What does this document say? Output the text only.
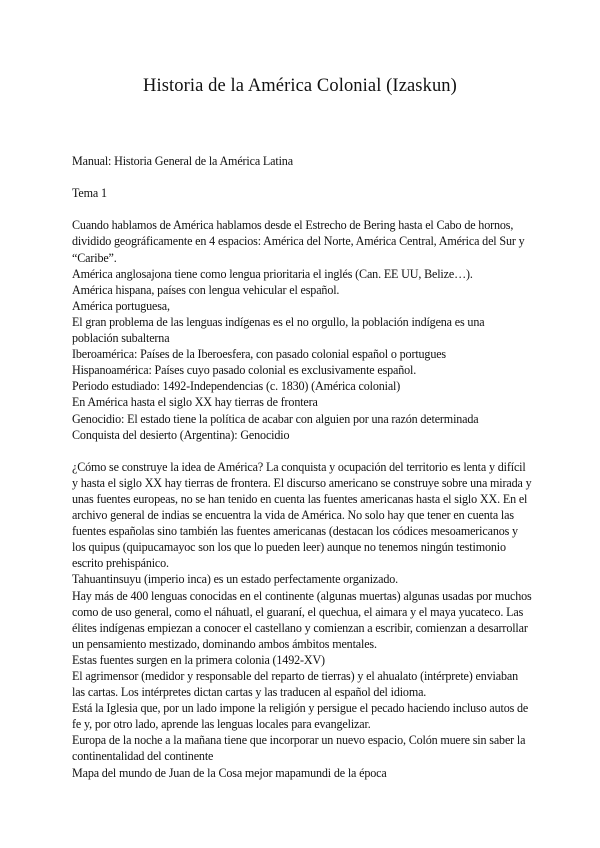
Historia de la América Colonial (Izaskun)

Manual: Historia General de la América Latina

Tema 1

Cuando hablamos de América hablamos desde el Estrecho de Bering hasta el Cabo de hornos, dividido geográficamente en 4 espacios: América del Norte, América Central, América del Sur y “Caribe”.

América anglosajona tiene como lengua prioritaria el inglés (Can. EE UU, Belize…).

América hispana, países con lengua vehicular el español.

América portuguesa,

El gran problema de las lenguas indígenas es el no orgullo, la población indígena es una población subalterna

Iberoamérica: Países de la Iberoesfera, con pasado colonial español o portugues

Hispanoamérica: Países cuyo pasado colonial es exclusivamente español.

Periodo estudiado: 1492-Independencias (c. 1830) (América colonial)

En América hasta el siglo XX hay tierras de frontera

Genocidio: El estado tiene la política de acabar con alguien por una razón determinada

Conquista del desierto (Argentina): Genocidio

¿Cómo se construye la idea de América? La conquista y ocupación del territorio es lenta y difícil y hasta el siglo XX hay tierras de frontera. El discurso americano se construye sobre una mirada y unas fuentes europeas, no se han tenido en cuenta las fuentes americanas hasta el siglo XX. En el archivo general de indias se encuentra la vida de América. No solo hay que tener en cuenta las fuentes españolas sino también las fuentes americanas (destacan los códices mesoamericanos y los quipus (quipucamayoc son los que lo pueden leer) aunque no tenemos ningún testimonio escrito prehispánico.

Tahuantinsuyu (imperio inca) es un estado perfectamente organizado.

Hay más de 400 lenguas conocidas en el continente (algunas muertas) algunas usadas por muchos como de uso general, como el náhuatl, el guaraní, el quechua, el aimara y el maya yucateco. Las élites indígenas empiezan a conocer el castellano y comienzan a escribir, comienzan a desarrollar un pensamiento mestizado, dominando ambos ámbitos mentales.

Estas fuentes surgen en la primera colonia (1492-XV)

El agrimensor (medidor y responsable del reparto de tierras) y el ahualato (intérprete) enviaban las cartas. Los intérpretes dictan cartas y las traducen al español del idioma.

Está la Iglesia que, por un lado impone la religión y persigue el pecado haciendo incluso autos de fe y, por otro lado, aprende las lenguas locales para evangelizar.

Europa de la noche a la mañana tiene que incorporar un nuevo espacio, Colón muere sin saber la continentalidad del continente

Mapa del mundo de Juan de la Cosa mejor mapamundi de la época
